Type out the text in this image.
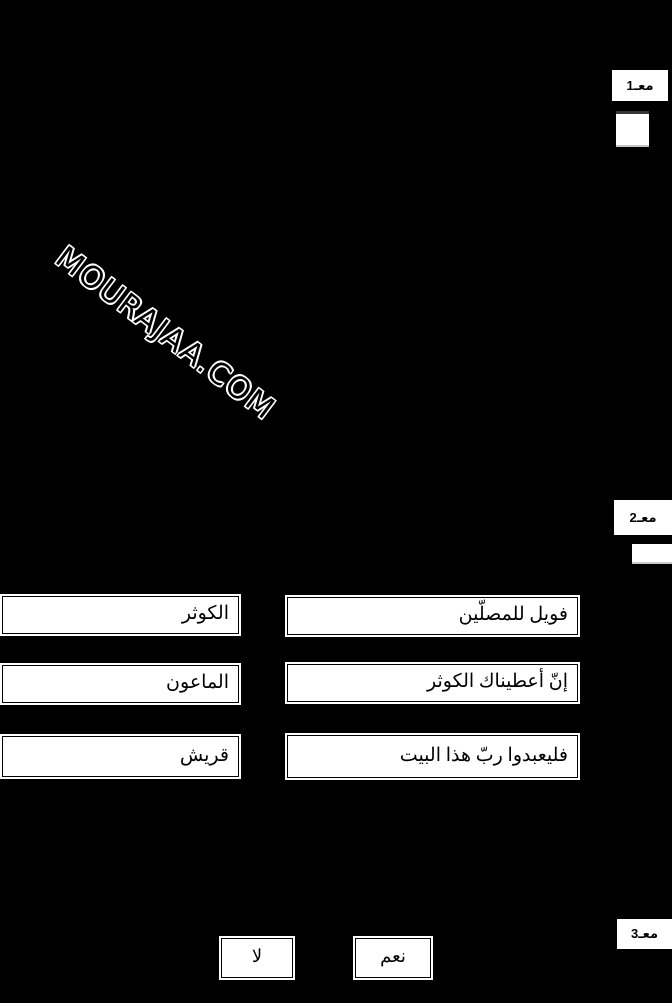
معـ1
MOURAJAA.COM
معـ2
فويل للمصلّين
الكوثر
إنّ أعطيناك الكوثر
الماعون
فليعبدوا ربّ هذا البيت
قريش
معـ3
لا	نعم
